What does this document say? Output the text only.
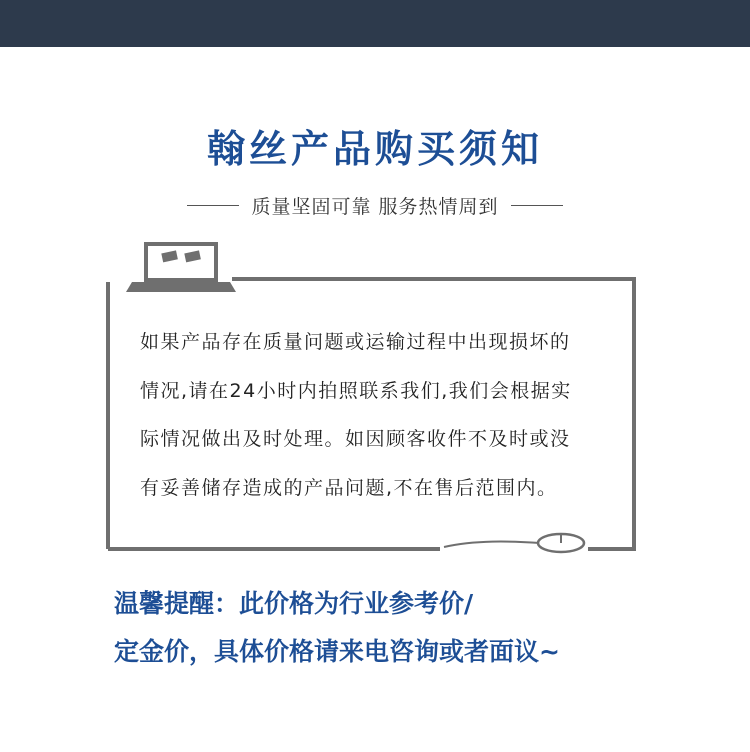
翰丝产品购买须知
质量坚固可靠 服务热情周到
如果产品存在质量问题或运输过程中出现损坏的
情况,请在24小时内拍照联系我们,我们会根据实
际情况做出及时处理。如因顾客收件不及时或没
有妥善储存造成的产品问题,不在售后范围内。
温馨提醒：此价格为行业参考价/
定金价，具体价格请来电咨询或者面议~
